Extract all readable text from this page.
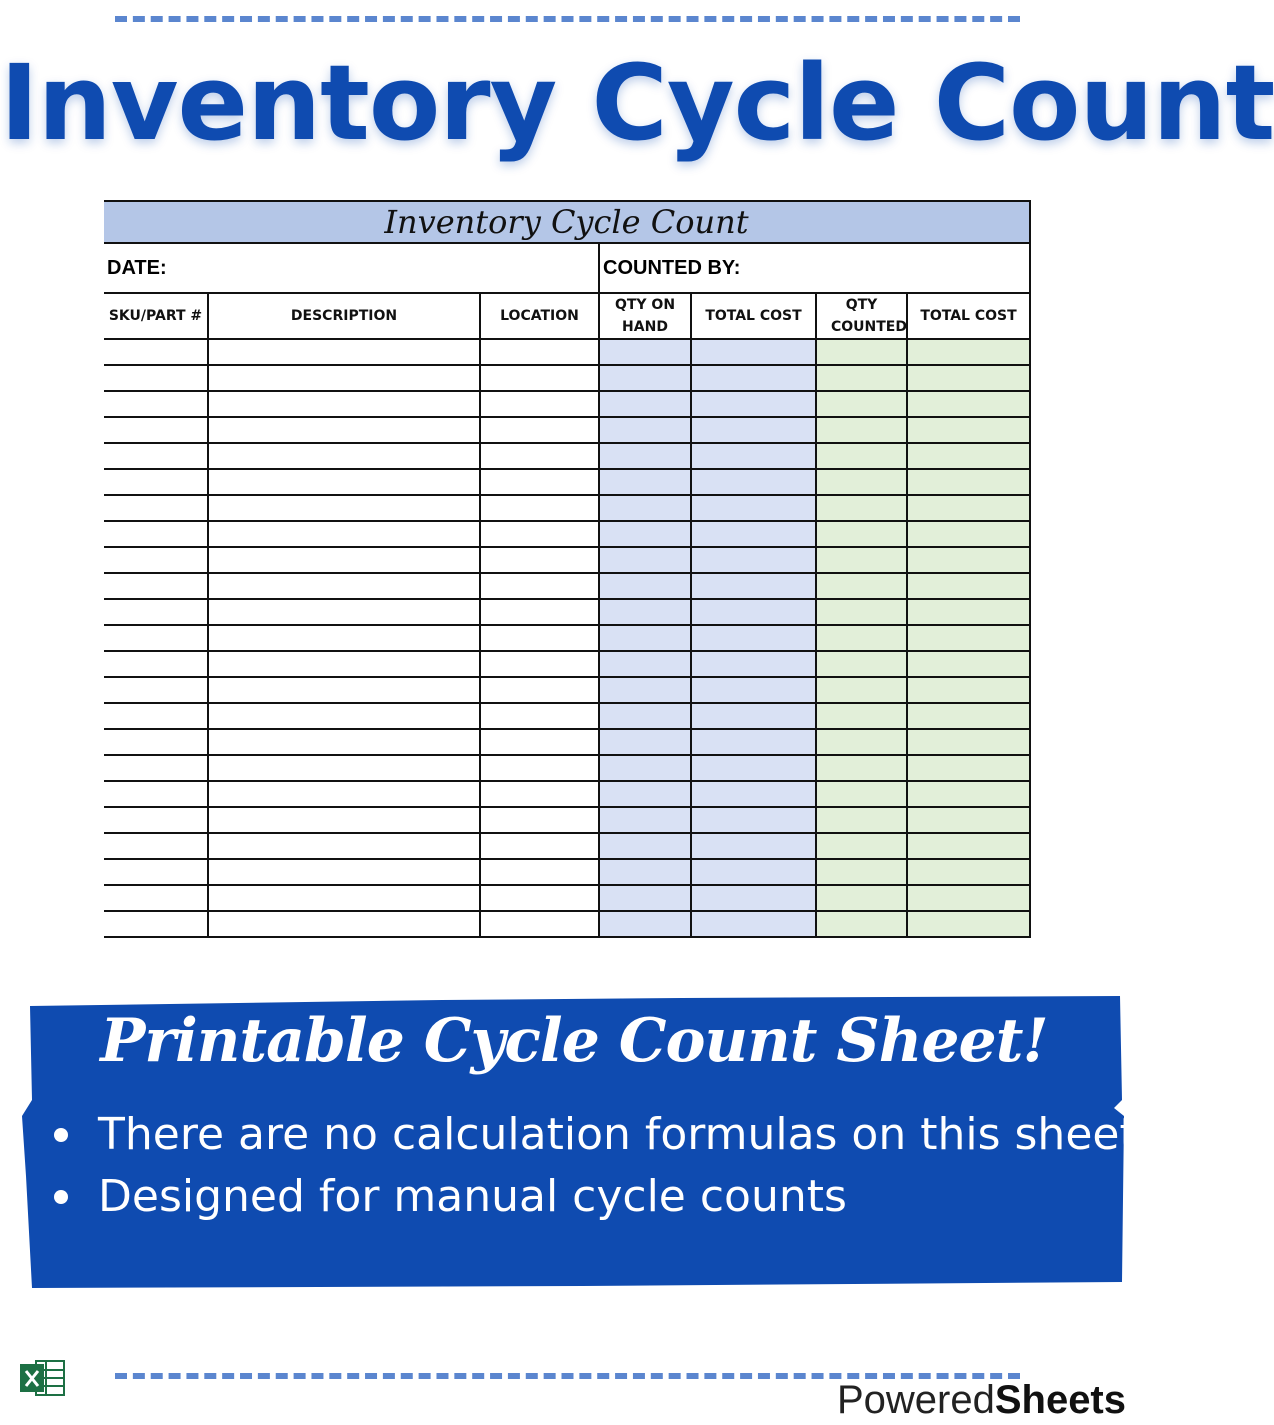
Inventory Cycle Count
Inventory Cycle Count						
DATE:			COUNTED BY:			
SKU/PART #	DESCRIPTION	LOCATION	QTY ON HAND	TOTAL COST	QTY COUNTED	TOTAL COST

Printable Cycle Count Sheet!
There are no calculation formulas on this sheet
Designed for manual cycle counts
PoweredSheets
